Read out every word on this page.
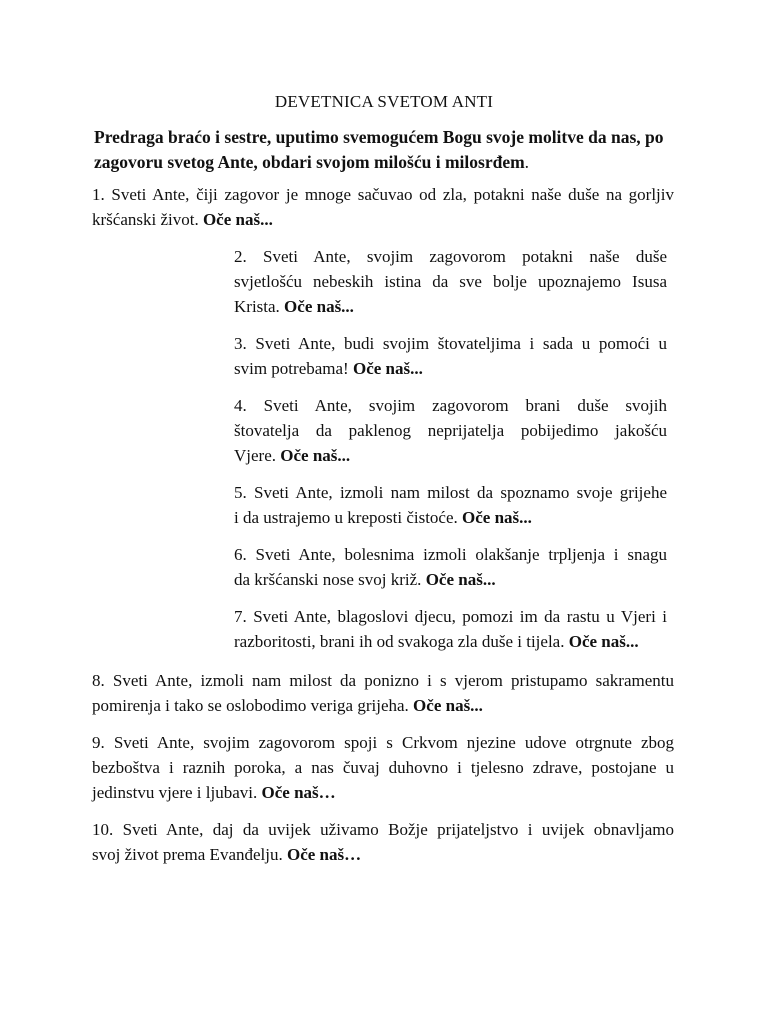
DEVETNICA SVETOM ANTI

Predraga braćo i sestre, uputimo svemogućem Bogu svoje molitve da nas, po zagovoru svetog Ante, obdari svojom milošću i milosrđem.

1. Sveti Ante, čiji zagovor je mnoge sačuvao od zla, potakni naše duše na gorljiv
kršćanski život. Oče naš...

2. Sveti Ante, svojim zagovorom potakni naše duše
svjetlošću nebeskih istina da sve bolje upoznajemo Isusa
Krista. Oče naš...

3. Sveti Ante, budi svojim štovateljima i sada u pomoći u
svim potrebama! Oče naš...

4. Sveti Ante, svojim zagovorom brani duše svojih
štovatelja da paklenog neprijatelja pobijedimo jakošću
Vjere. Oče naš...

5. Sveti Ante, izmoli nam milost da spoznamo svoje grijehe
i da ustrajemo u kreposti čistoće. Oče naš...

6. Sveti Ante, bolesnima izmoli olakšanje trpljenja i snagu
da kršćanski nose svoj križ. Oče naš...

7. Sveti Ante, blagoslovi djecu, pomozi im da rastu u Vjeri i
razboritosti, brani ih od svakoga zla duše i tijela. Oče naš...

8. Sveti Ante, izmoli nam milost da ponizno i s vjerom pristupamo sakramentu
pomirenja i tako se oslobodimo veriga grijeha. Oče naš...

9. Sveti Ante, svojim zagovorom spoji s Crkvom njezine udove otrgnute zbog
bezboštva i raznih poroka, a nas čuvaj duhovno i tjelesno zdrave, postojane u
jedinstvu vjere i ljubavi. Oče naš…

10. Sveti Ante, daj da uvijek uživamo Božje prijateljstvo i uvijek obnavljamo
svoj život prema Evanđelju. Oče naš…
